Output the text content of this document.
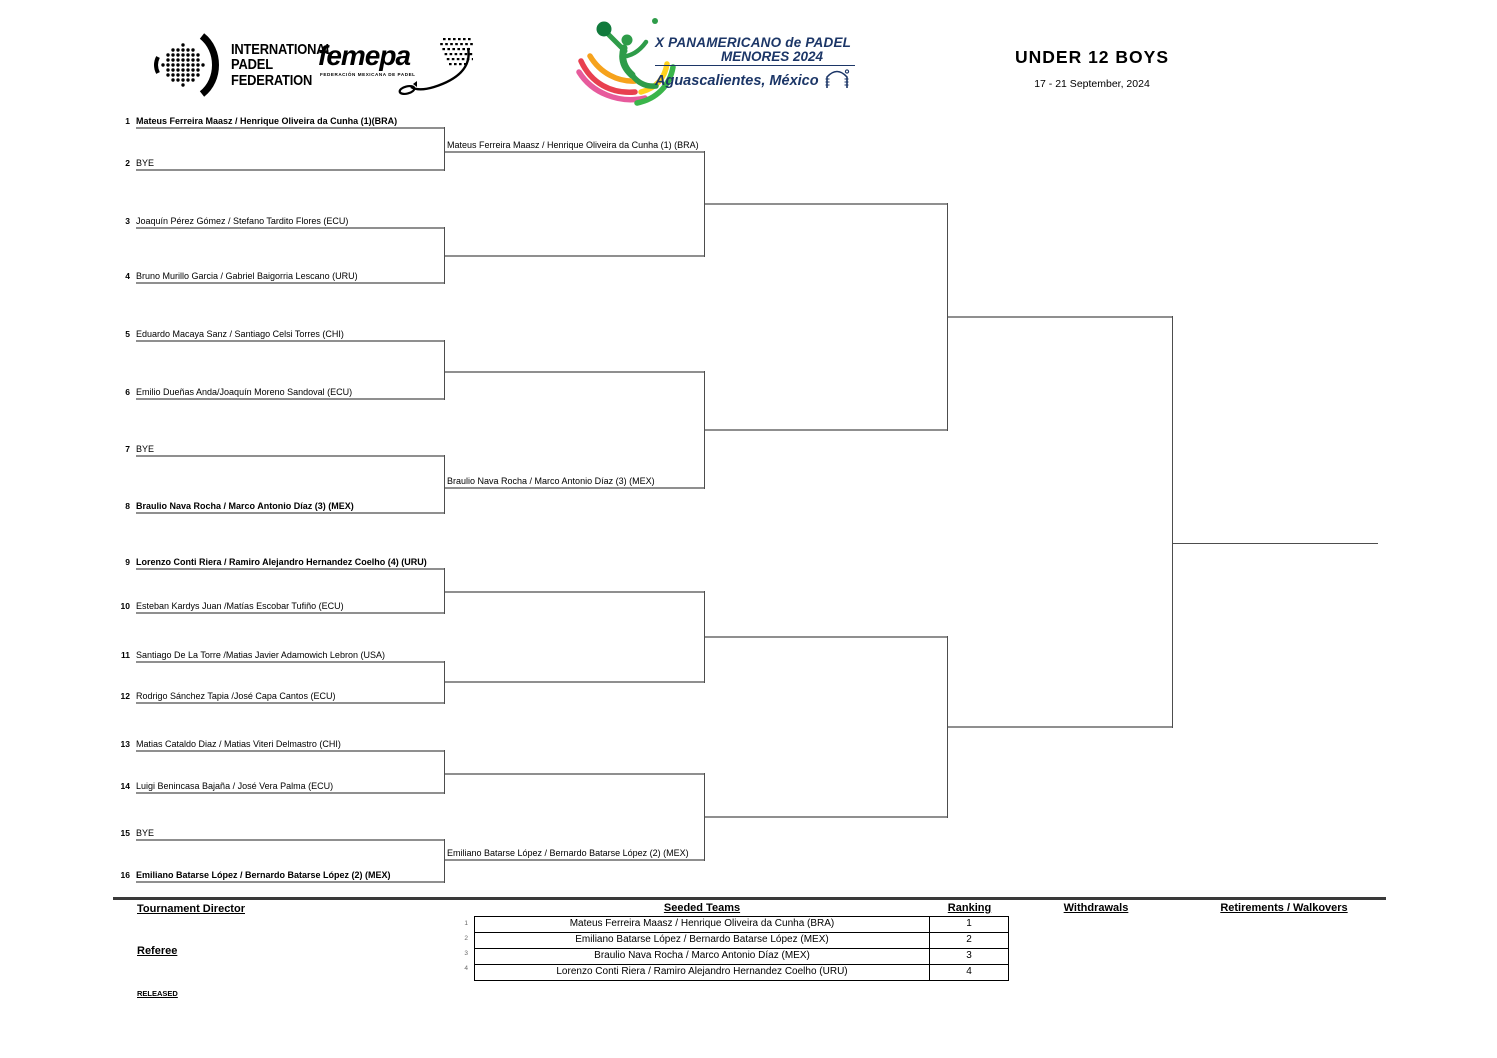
INTERNATIONAL
PADEL
FEDERATION
femepa
FEDERACIÓN MEXICANA DE PADEL
X PANAMERICANO de PADEL
MENORES 2024
Aguascalientes, México
UNDER 12 BOYS
17 - 21 September, 2024
1 Mateus Ferreira Maasz / Henrique Oliveira da Cunha (1)(BRA)
2 BYE
3 Joaquín Pérez Gómez / Stefano Tardito Flores (ECU)
4 Bruno Murillo Garcia / Gabriel Baigorria Lescano (URU)
5 Eduardo Macaya Sanz / Santiago Celsi Torres (CHI)
6 Emilio Dueñas Anda/Joaquín Moreno Sandoval (ECU)
7 BYE
8 Braulio Nava Rocha / Marco Antonio Díaz (3) (MEX)
9 Lorenzo Conti Riera / Ramiro Alejandro Hernandez Coelho (4) (URU)
10 Esteban Kardys Juan /Matías Escobar Tufiño (ECU)
11 Santiago De La Torre /Matias Javier Adamowich Lebron (USA)
12 Rodrigo Sánchez Tapia /José Capa Cantos (ECU)
13 Matias Cataldo Diaz / Matias Viteri Delmastro (CHI)
14 Luigi Benincasa Bajaña / José Vera Palma (ECU)
15 BYE
16 Emiliano Batarse López / Bernardo Batarse López (2) (MEX)
Mateus Ferreira Maasz / Henrique Oliveira da Cunha (1) (BRA)
Braulio Nava Rocha / Marco Antonio Díaz (3) (MEX)
Emiliano Batarse López / Bernardo Batarse López (2) (MEX)
Tournament Director
Referee
RELEASED
Seeded Teams	Ranking	Withdrawals	Retirements / Walkovers
1
2
3
4
Mateus Ferreira Maasz / Henrique Oliveira da Cunha (BRA)	1
Emiliano Batarse López / Bernardo Batarse López (MEX)	2
Braulio Nava Rocha / Marco Antonio Díaz (MEX)	3
Lorenzo Conti Riera / Ramiro Alejandro Hernandez Coelho (URU)	4
